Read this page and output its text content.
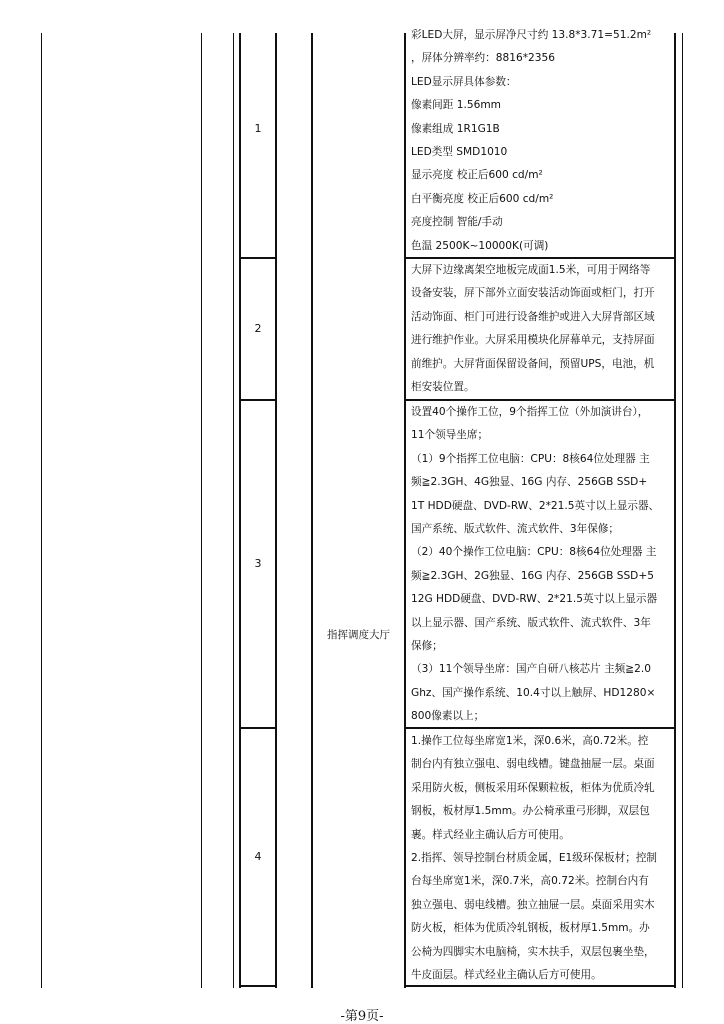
1
2
3
4
指挥调度大厅
彩LED大屏，显示屏净尺寸约 13.8*3.71=51.2m²
，屏体分辨率约：8816*2356
LED显示屏具体参数：
像素间距 1.56mm
像素组成 1R1G1B
LED类型 SMD1010
显示亮度 校正后600 cd/m²
白平衡亮度 校正后600 cd/m²
亮度控制 智能/手动
色温 2500K~10000K(可调)
大屏下边缘离架空地板完成面1.5米，可用于网络等
设备安装，屏下部外立面安装活动饰面或柜门，打开
活动饰面、柜门可进行设备维护或进入大屏背部区域
进行维护作业。大屏采用模块化屏幕单元，支持屏面
前维护。大屏背面保留设备间，预留UPS，电池，机
柜安装位置。
设置40个操作工位，9个指挥工位（外加演讲台），
11个领导坐席；
（1）9个指挥工位电脑：CPU：8核64位处理器 主
频≧2.3GH、4G独显、16G 内存、256GB SSD+
1T HDD硬盘、DVD-RW、2*21.5英寸以上显示器、
国产系统、版式软件、流式软件、3年保修；
（2）40个操作工位电脑：CPU：8核64位处理器 主
频≧2.3GH、2G独显、16G 内存、256GB SSD+5
12G HDD硬盘、DVD-RW、2*21.5英寸以上显示器
以上显示器、国产系统、版式软件、流式软件、3年
保修；
（3）11个领导坐席：国产自研八核芯片 主频≧2.0
Ghz、国产操作系统、10.4寸以上触屏、HD1280×
800像素以上；
1.操作工位每坐席宽1米，深0.6米，高0.72米。控
制台内有独立强电、弱电线槽。键盘抽屉一层。桌面
采用防火板，侧板采用环保颗粒板，柜体为优质冷轧
钢板，板材厚1.5mm。办公椅承重弓形脚，双层包
裹。样式经业主确认后方可使用。
2.指挥、领导控制台材质金属，E1级环保板材；控制
台每坐席宽1米，深0.7米，高0.72米。控制台内有
独立强电、弱电线槽。独立抽屉一层。桌面采用实木
防火板，柜体为优质冷轧钢板，板材厚1.5mm。办
公椅为四脚实木电脑椅，实木扶手，双层包裹坐垫，
牛皮面层。样式经业主确认后方可使用。
-第9页-
